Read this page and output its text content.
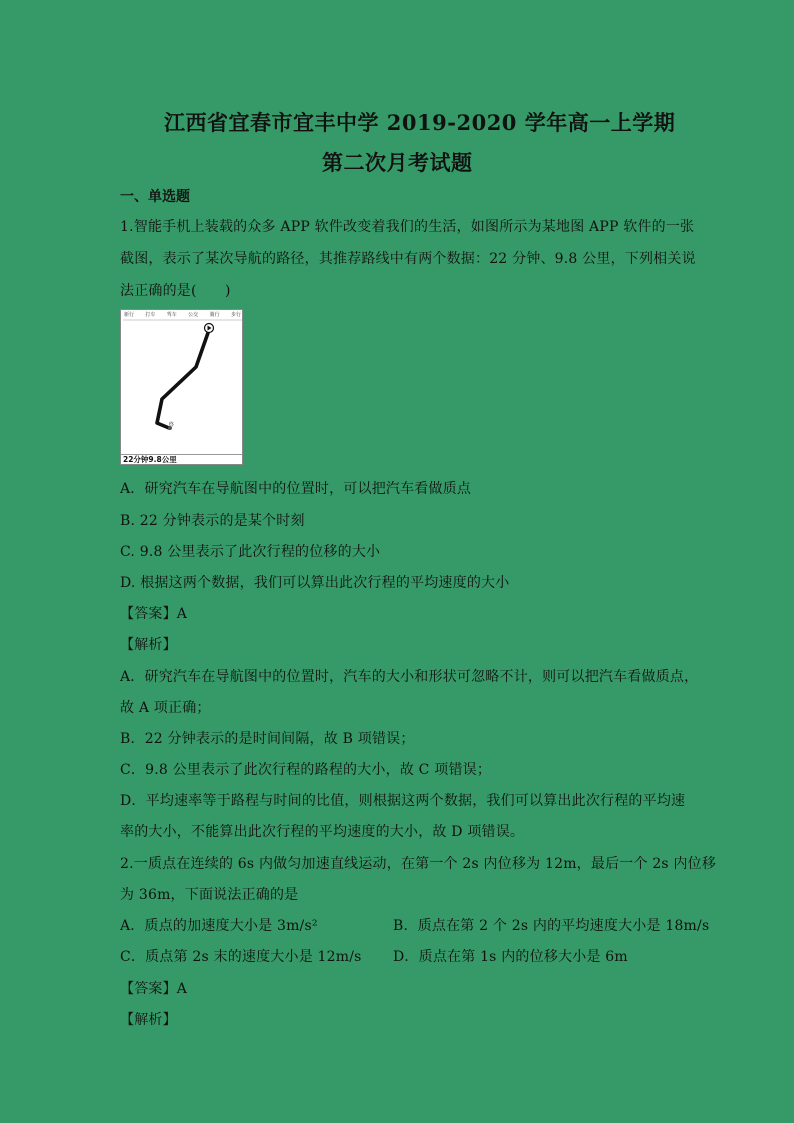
江西省宜春市宜丰中学 2019-2020 学年高一上学期
第二次月考试题
一、单选题
1.智能手机上装载的众多 APP 软件改变着我们的生活，如图所示为某地图 APP 软件的一张
截图，表示了某次导航的路径，其推荐路线中有两个数据：22 分钟、9.8 公里，下列相关说
法正确的是(　　)
新行 打车 驾车 公交 骑行 步行
终
22分钟9.8公里
A．研究汽车在导航图中的位置时，可以把汽车看做质点
B. 22 分钟表示的是某个时刻
C. 9.8 公里表示了此次行程的位移的大小
D. 根据这两个数据，我们可以算出此次行程的平均速度的大小
【答案】A
【解析】
A．研究汽车在导航图中的位置时，汽车的大小和形状可忽略不计，则可以把汽车看做质点，
故 A 项正确；
B．22 分钟表示的是时间间隔，故 B 项错误；
C．9.8 公里表示了此次行程的路程的大小，故 C 项错误；
D．平均速率等于路程与时间的比值，则根据这两个数据，我们可以算出此次行程的平均速
率的大小，不能算出此次行程的平均速度的大小，故 D 项错误。
2.一质点在连续的 6s 内做匀加速直线运动，在第一个 2s 内位移为 12m，最后一个 2s 内位移
为 36m，下面说法正确的是
A．质点的加速度大小是 3m/s²	B．质点在第 2 个 2s 内的平均速度大小是 18m/s
C．质点第 2s 末的速度大小是 12m/s D．质点在第 1s 内的位移大小是 6m
【答案】A
【解析】
